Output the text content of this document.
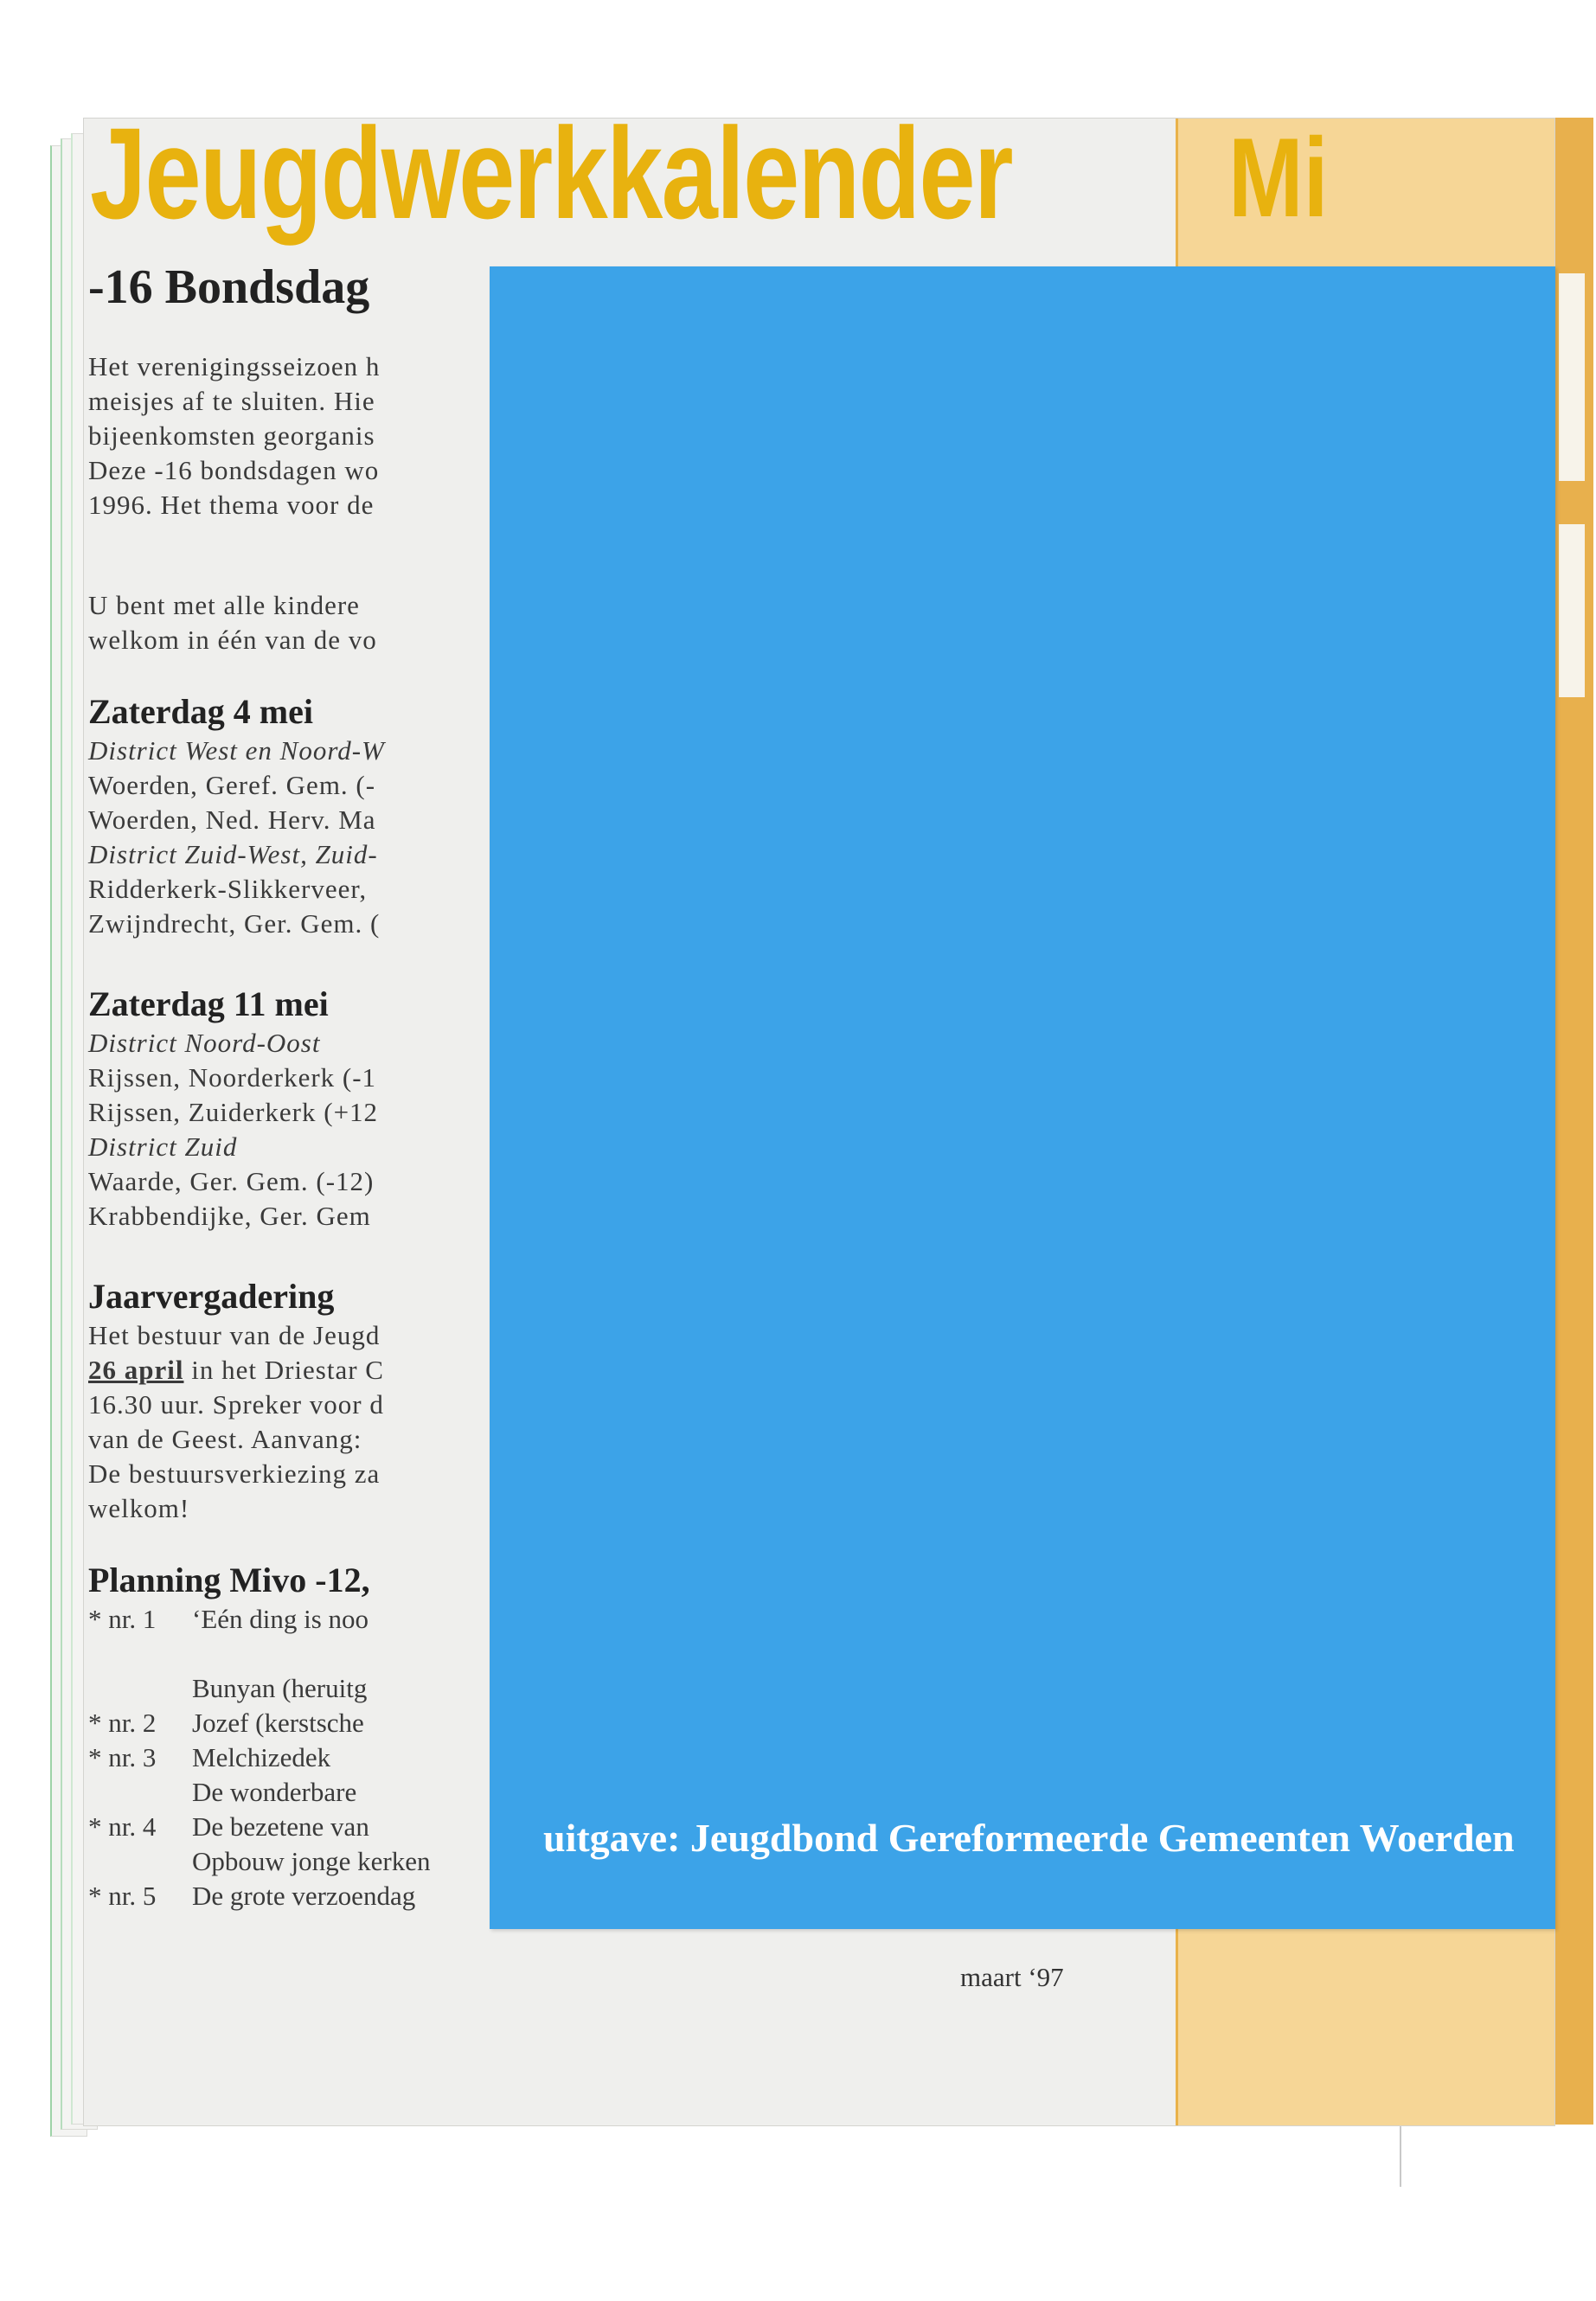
Jeugdwerkkalender Mi
-16 Bondsdag
Het verenigingsseizoen h
meisjes af te sluiten. Hie
bijeenkomsten georganis
Deze -16 bondsdagen wo
1996. Het thema voor de
U bent met alle kindere
welkom in één van de vo
Zaterdag 4 mei
District West en Noord-W
Woerden, Geref. Gem. (-
Woerden, Ned. Herv. Ma
District Zuid-West, Zuid-
Ridderkerk-Slikkerveer,
Zwijndrecht, Ger. Gem. (
Zaterdag 11 mei
District Noord-Oost
Rijssen, Noorderkerk (-1
Rijssen, Zuiderkerk (+12
District Zuid
Waarde, Ger. Gem. (-12)
Krabbendijke, Ger. Gem
Jaarvergadering
Het bestuur van de Jeugd
26 april in het Driestar C
16.30 uur. Spreker voor d
van de Geest. Aanvang:
De bestuursverkiezing za
welkom!
Planning Mivo -12,
* nr. 1	‘Eén ding is noo

Bunyan (heruitg
* nr. 2	Jozef (kerstsche
* nr. 3	Melchizedek
De wonderbare
* nr. 4	De bezetene van
Opbouw jonge kerken
* nr. 5	De grote verzoendag
maart ‘97
uitgave: Jeugdbond Gereformeerde Gemeenten Woerden
